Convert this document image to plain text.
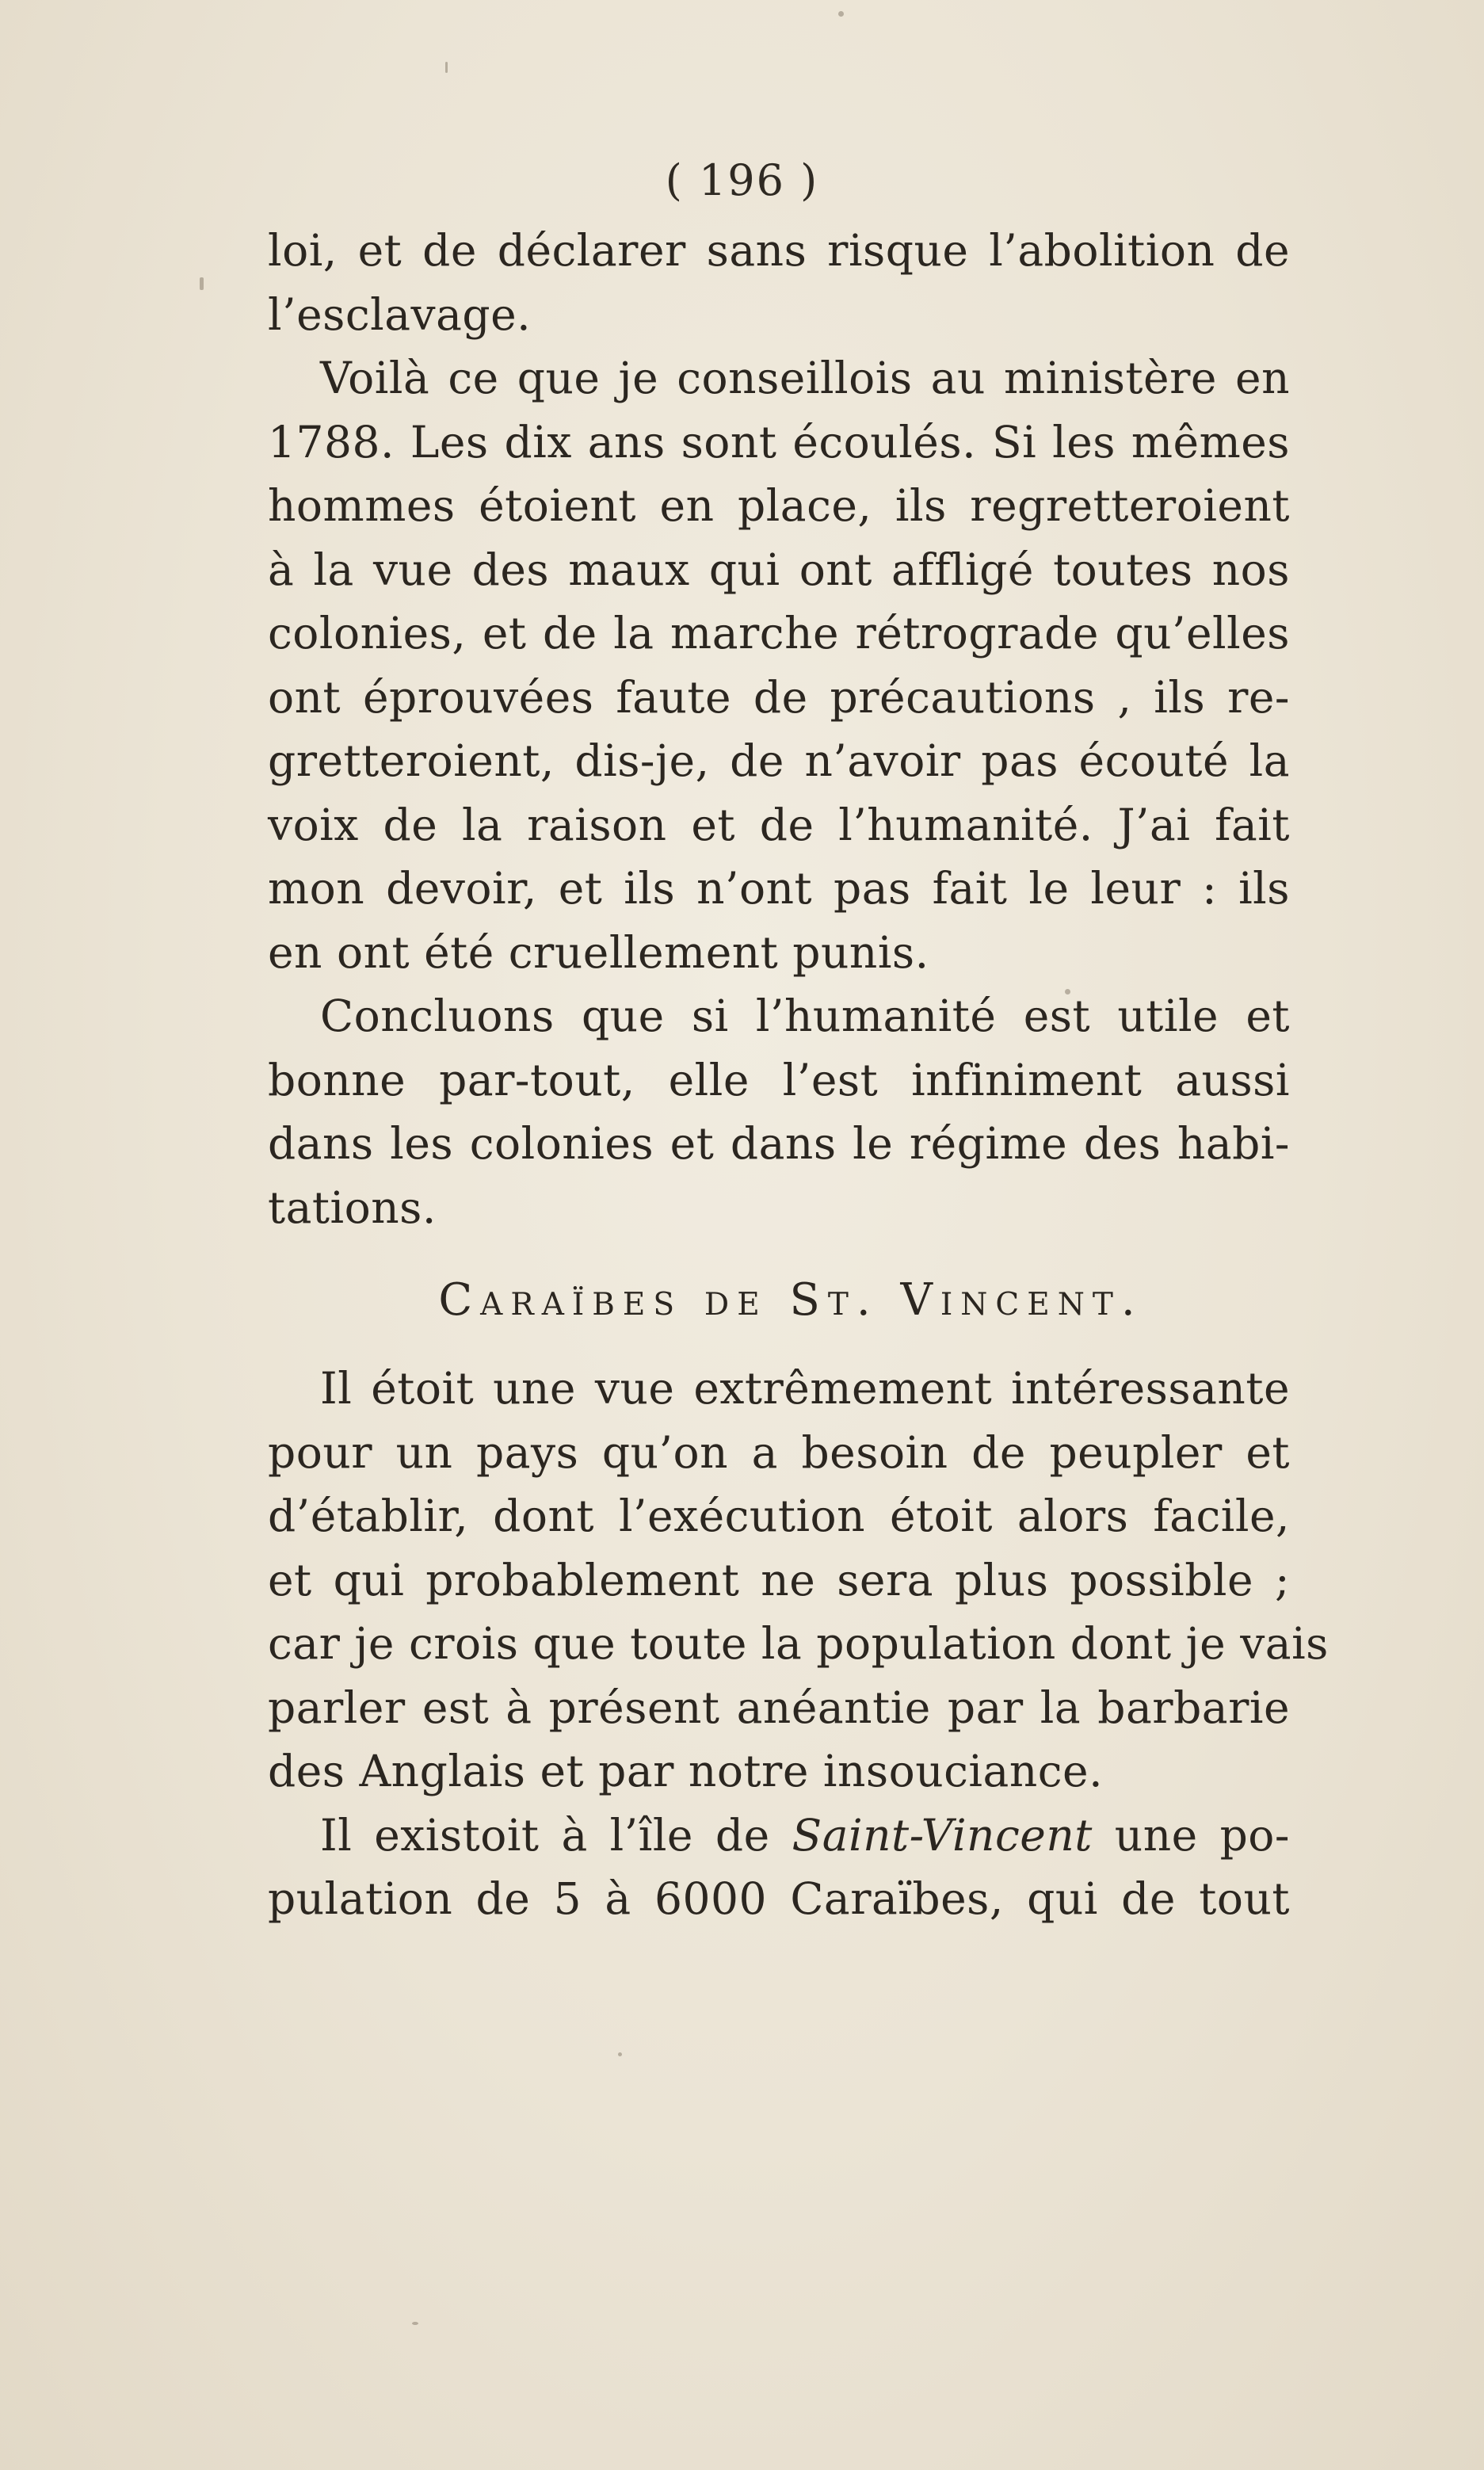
( 196 )
loi, et de déclarer sans risque l’abolition de
l’esclavage.
Voilà ce que je conseillois au ministère en
1788. Les dix ans sont écoulés. Si les mêmes
hommes étoient en place, ils regretteroient
à la vue des maux qui ont affligé toutes nos
colonies, et de la marche rétrograde qu’elles
ont éprouvées faute de précautions , ils re-
gretteroient, dis-je, de n’avoir pas écouté la
voix de la raison et de l’humanité. J’ai fait
mon devoir, et ils n’ont pas fait le leur : ils
en ont été cruellement punis.
Concluons que si l’humanité est utile et
bonne par-tout, elle l’est infiniment aussi
dans les colonies et dans le régime des habi-
tations.
Caraïbes de St. Vincent.
Il étoit une vue extrêmement intéressante
pour un pays qu’on a besoin de peupler et
d’établir, dont l’exécution étoit alors facile,
et qui probablement ne sera plus possible ;
car je crois que toute la population dont je vais
parler est à présent anéantie par la barbarie
des Anglais et par notre insouciance.
Il existoit à l’île de Saint-Vincent une po-
pulation de 5 à 6000 Caraïbes, qui de tout
